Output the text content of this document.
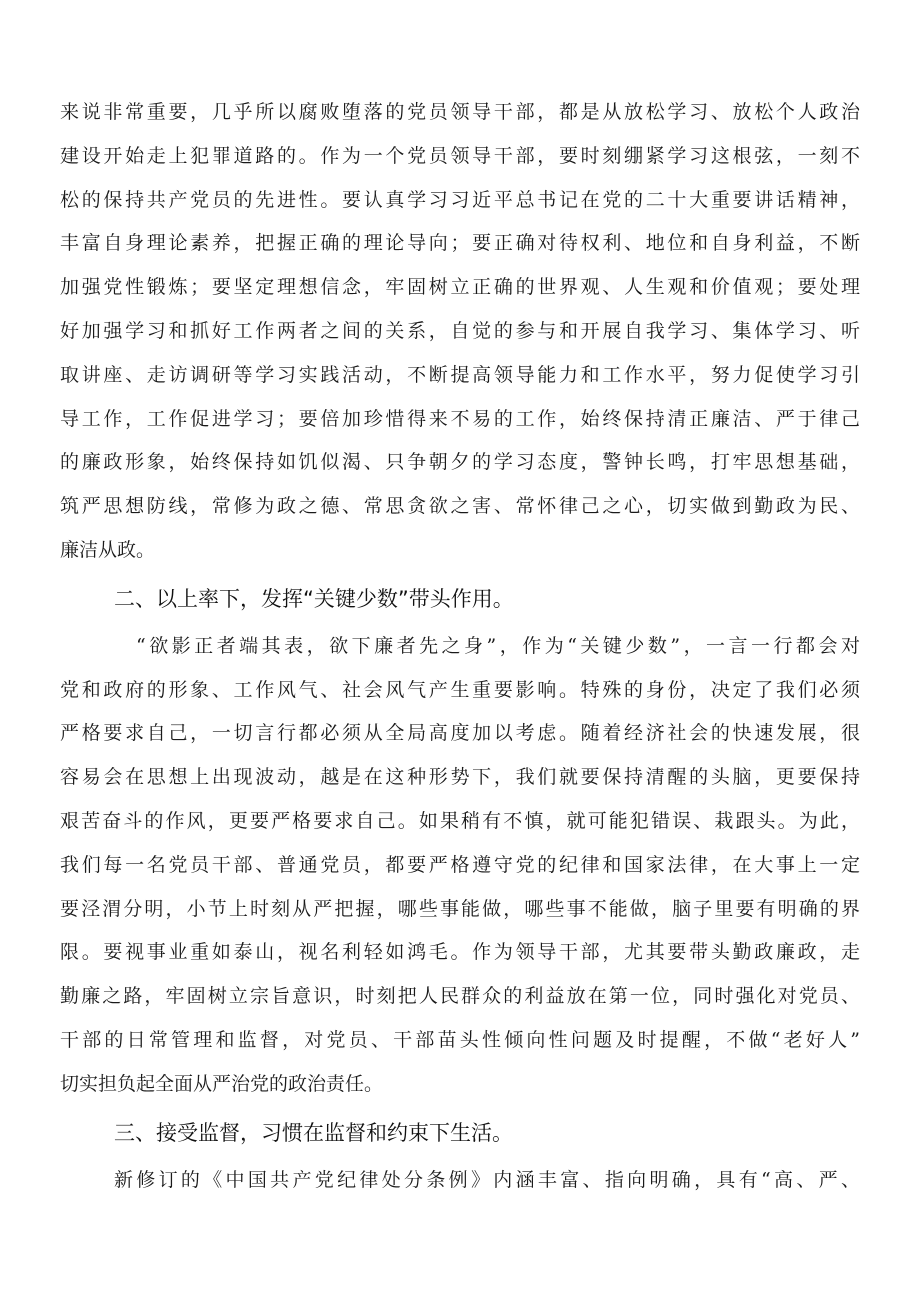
来说非常重要，几乎所以腐败堕落的党员领导干部，都是从放松学习、放松个人政治
建设开始走上犯罪道路的。作为一个党员领导干部，要时刻绷紧学习这根弦，一刻不
松的保持共产党员的先进性。要认真学习习近平总书记在党的二十大重要讲话精神，
丰富自身理论素养，把握正确的理论导向；要正确对待权利、地位和自身利益，不断
加强党性锻炼；要坚定理想信念，牢固树立正确的世界观、人生观和价值观；要处理
好加强学习和抓好工作两者之间的关系，自觉的参与和开展自我学习、集体学习、听
取讲座、走访调研等学习实践活动，不断提高领导能力和工作水平，努力促使学习引
导工作，工作促进学习；要倍加珍惜得来不易的工作，始终保持清正廉洁、严于律己
的廉政形象，始终保持如饥似渴、只争朝夕的学习态度，警钟长鸣，打牢思想基础，
筑严思想防线，常修为政之德、常思贪欲之害、常怀律己之心，切实做到勤政为民、
廉洁从政。
二、以上率下，发挥“关键少数”带头作用。
“欲影正者端其表，欲下廉者先之身”，作为“关键少数”，一言一行都会对
党和政府的形象、工作风气、社会风气产生重要影响。特殊的身份，决定了我们必须
严格要求自己，一切言行都必须从全局高度加以考虑。随着经济社会的快速发展，很
容易会在思想上出现波动，越是在这种形势下，我们就要保持清醒的头脑，更要保持
艰苦奋斗的作风，更要严格要求自己。如果稍有不慎，就可能犯错误、栽跟头。为此，
我们每一名党员干部、普通党员，都要严格遵守党的纪律和国家法律，在大事上一定
要泾渭分明，小节上时刻从严把握，哪些事能做，哪些事不能做，脑子里要有明确的界
限。要视事业重如泰山，视名利轻如鸿毛。作为领导干部，尤其要带头勤政廉政，走
勤廉之路，牢固树立宗旨意识，时刻把人民群众的利益放在第一位，同时强化对党员、
干部的日常管理和监督，对党员、干部苗头性倾向性问题及时提醒，不做“老好人”
切实担负起全面从严治党的政治责任。
三、接受监督，习惯在监督和约束下生活。
新修订的《中国共产党纪律处分条例》内涵丰富、指向明确，具有“高、严、
